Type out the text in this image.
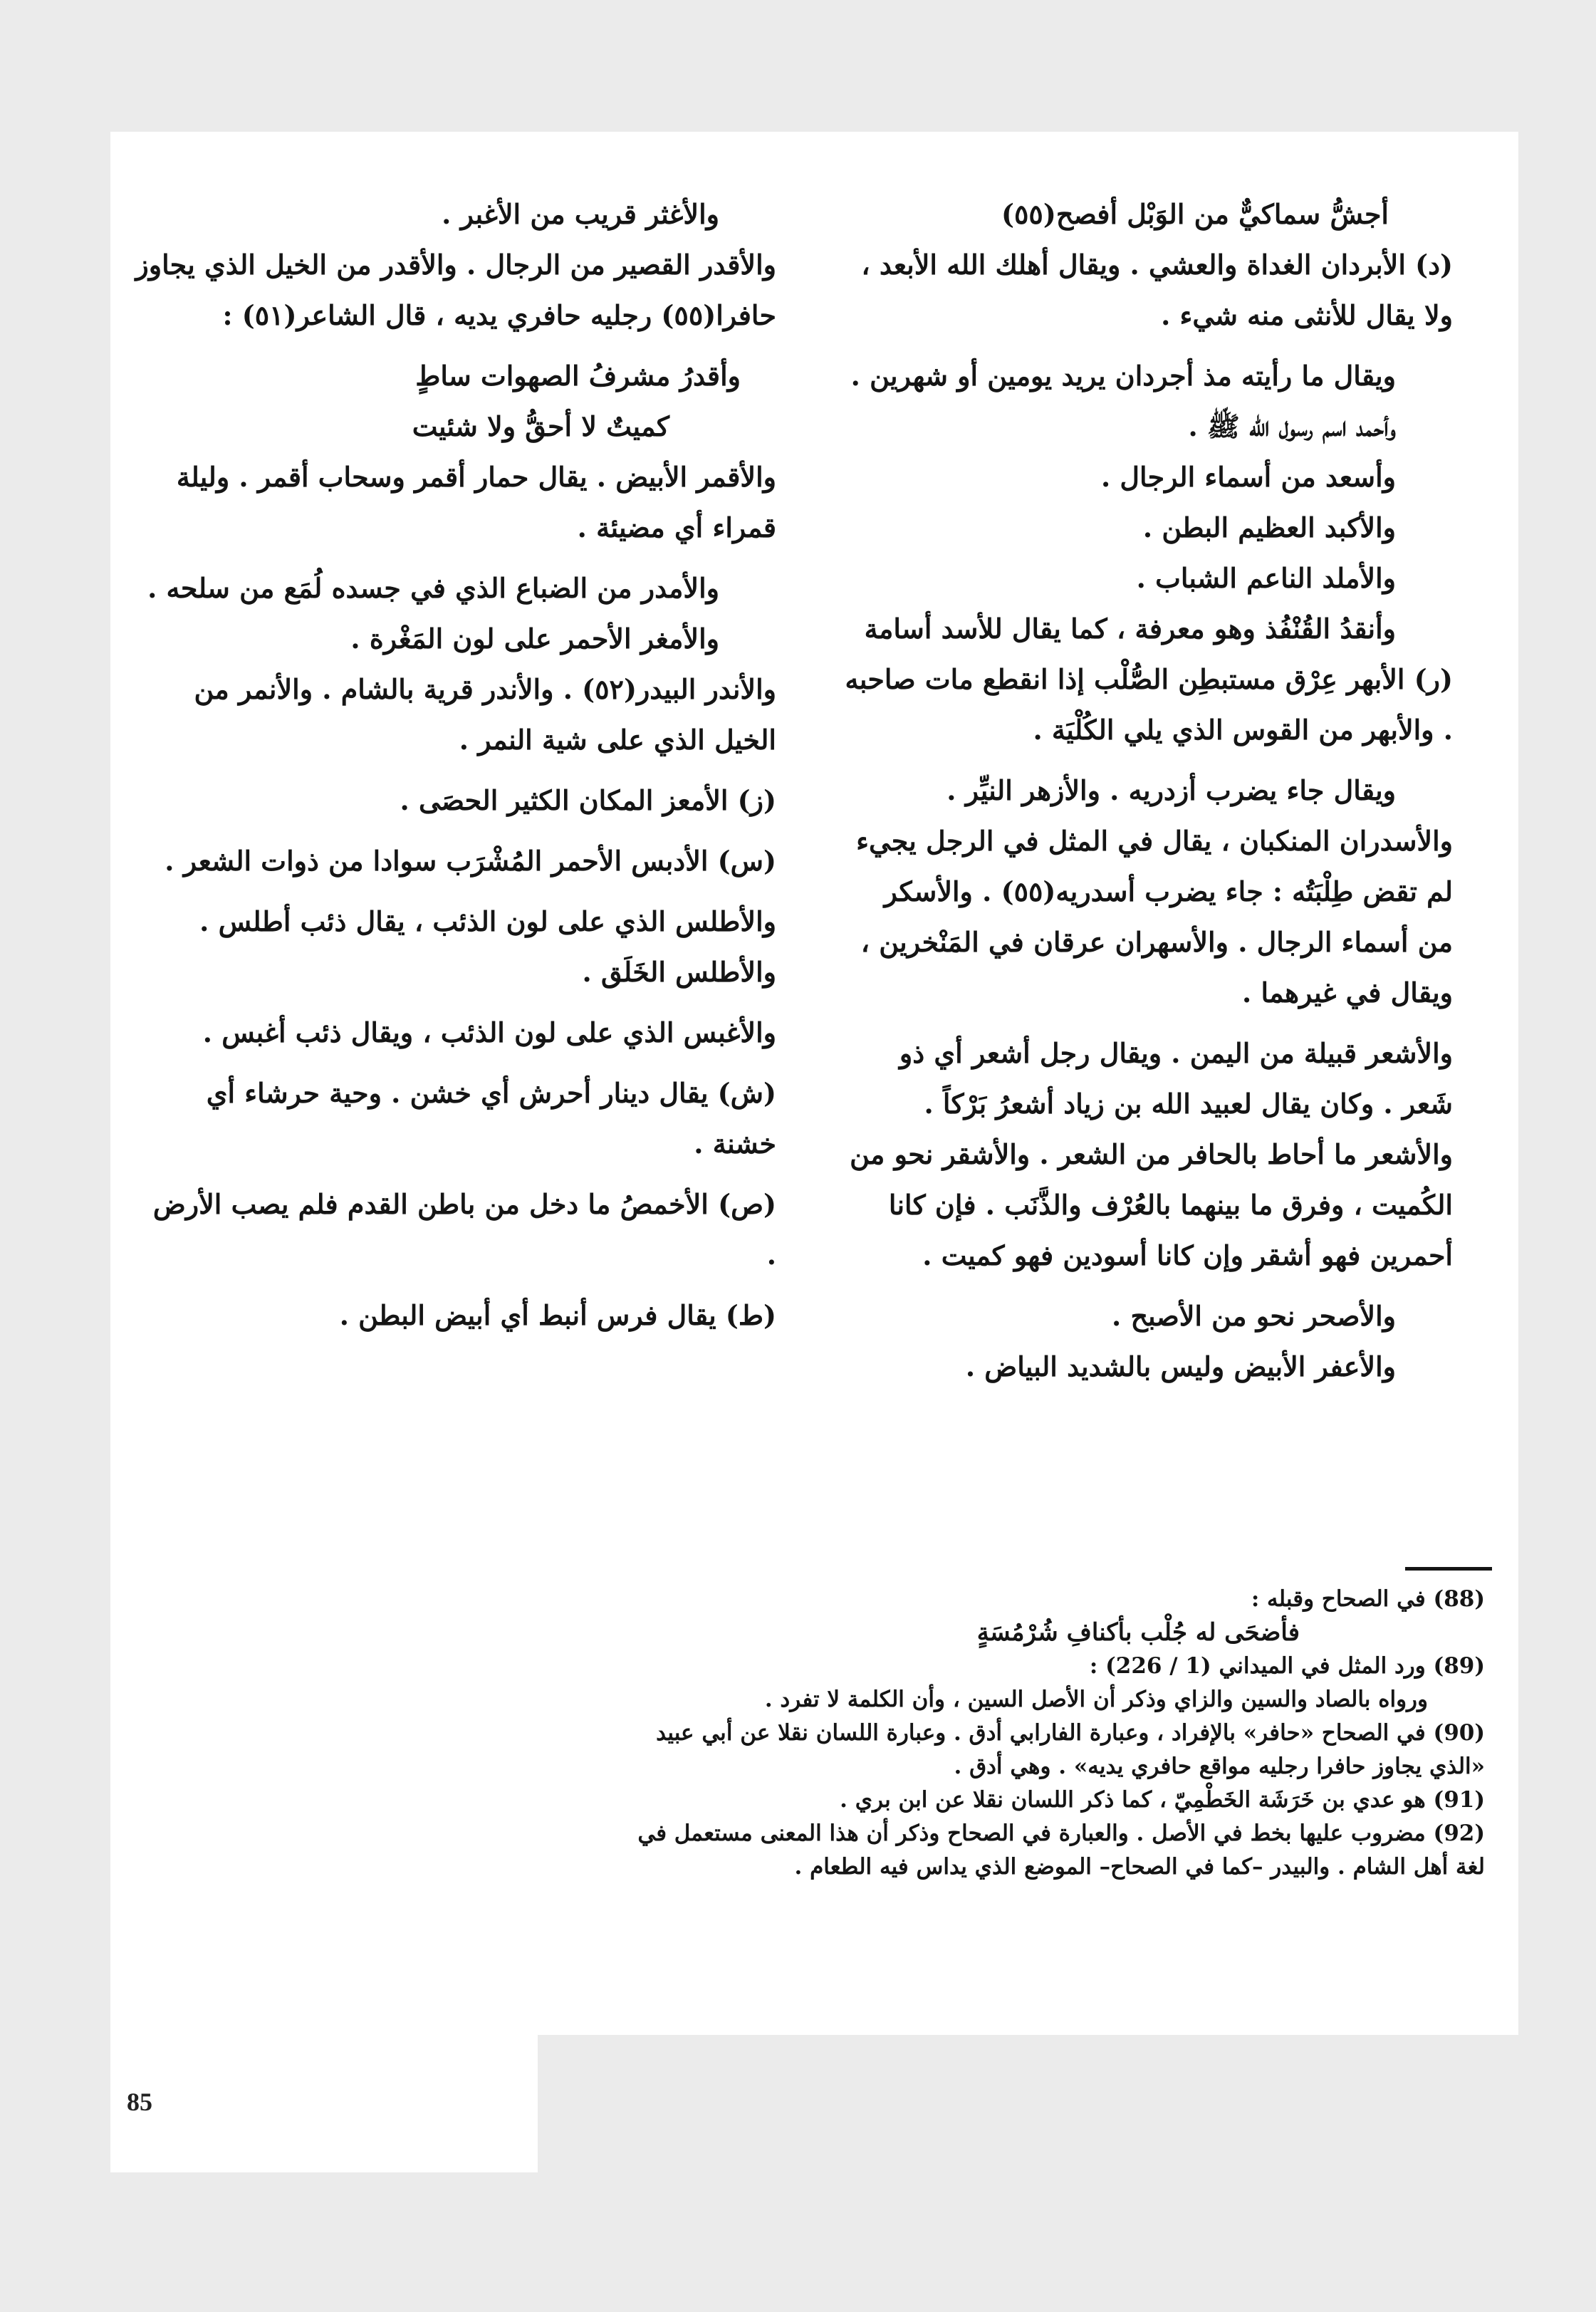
أجشُّ سماكيٌّ من الوَبْل أفصح(٥٥)
(د) الأبردان الغداة والعشي . ويقال أهلك الله الأبعد ، ولا يقال للأنثى منه شيء .
ويقال ما رأيته مذ أجردان يريد يومين أو شهرين .
وأحمد اسم رسول الله ﷺ .
وأسعد من أسماء الرجال .
والأكبد العظيم البطن .
والأملد الناعم الشباب .
وأنقدُ القُنْفُذ وهو معرفة ، كما يقال للأسد أسامة
(ر) الأبهر عِرْق مستبطِن الصُّلْب إذا انقطع مات صاحبه . والأبهر من القوس الذي يلي الكُلْيَة .
ويقال جاء يضرب أزدريه . والأزهر النيِّر .
والأسدران المنكبان ، يقال في المثل في الرجل يجيء لم تقض طِلْبَتُه : جاء يضرب أسدريه(٥٥) . والأسكر من أسماء الرجال . والأسهران عرقان في المَنْخرين ، ويقال في غيرهما .
والأشعر قبيلة من اليمن . ويقال رجل أشعر أي ذو شَعر . وكان يقال لعبيد الله بن زياد أشعرُ بَرْكاً . والأشعر ما أحاط بالحافر من الشعر . والأشقر نحو من الكُميت ، وفرق ما بينهما بالعُرْف والذَّنَب . فإن كانا أحمرين فهو أشقر وإن كانا أسودين فهو كميت .
والأصحر نحو من الأصبح .
والأعفر الأبيض وليس بالشديد البياض .
والأغثر قريب من الأغبر .
والأقدر القصير من الرجال . والأقدر من الخيل الذي يجاوز حافرا(٥٥) رجليه حافري يديه ، قال الشاعر(٥١) :
وأقدرُ مشرفُ الصهوات ساطٍ
كميتٌ لا أحقُّ ولا شئيت
والأقمر الأبيض . يقال حمار أقمر وسحاب أقمر . وليلة قمراء أي مضيئة .
والأمدر من الضباع الذي في جسده لُمَع من سلحه .
والأمغر الأحمر على لون المَغْرة .
والأندر البيدر(٥٢) . والأندر قرية بالشام . والأنمر من الخيل الذي على شية النمر .
(ز) الأمعز المكان الكثير الحصَى .
(س) الأدبس الأحمر المُشْرَب سوادا من ذوات الشعر .
والأطلس الذي على لون الذئب ، يقال ذئب أطلس . والأطلس الخَلَق .
والأغبس الذي على لون الذئب ، ويقال ذئب أغبس .
(ش) يقال دينار أحرش أي خشن . وحية حرشاء أي خشنة .
(ص) الأخمصُ ما دخل من باطن القدم فلم يصب الأرض .
(ط) يقال فرس أنبط أي أبيض البطن .
(88) في الصحاح وقبله :
فأضحَى له جُلْب بأكنافِ شُرْمُسَةٍ
(89) ورد المثل في الميداني (1 / 226) :
ورواه بالصاد والسين والزاي وذكر أن الأصل السين ، وأن الكلمة لا تفرد .
(90) في الصحاح «حافر» بالإفراد ، وعبارة الفارابي أدق . وعبارة اللسان نقلا عن أبي عبيد «الذي يجاوز حافرا رجليه مواقع حافري يديه» . وهي أدق .
(91) هو عدي بن خَرَشَة الخَطْمِيّ ، كما ذكر اللسان نقلا عن ابن بري .
(92) مضروب عليها بخط في الأصل . والعبارة في الصحاح وذكر أن هذا المعنى مستعمل في لغة أهل الشام . والبيدر –كما في الصحاح– الموضع الذي يداس فيه الطعام .
85
